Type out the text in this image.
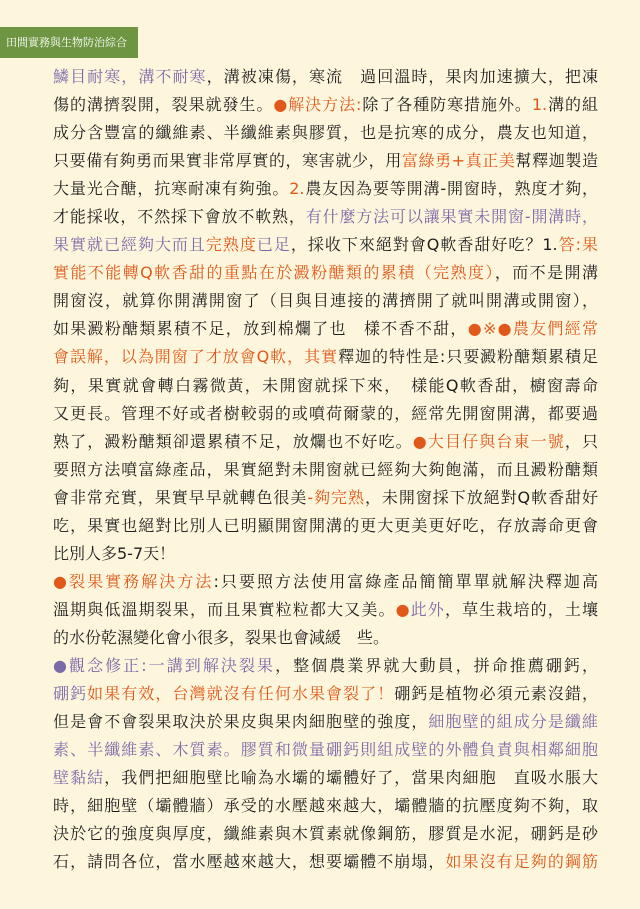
田間實務與生物防治綜合
鱗目耐寒，溝不耐寒，溝被凍傷，寒流　過回溫時，果肉加速擴大，把凍
傷的溝擠裂開，裂果就發生。●解決方法:除了各種防寒措施外。1.溝的組
成分含豐富的纖維素、半纖維素與膠質，也是抗寒的成分，農友也知道，
只要備有夠勇而果實非常厚實的，寒害就少，用富綠勇+真正美幫釋迦製造
大量光合醣，抗寒耐凍有夠強。2.農友因為要等開溝-開窗時，熟度才夠，
才能採收，不然採下會放不軟熟，有什麼方法可以讓果實未開窗-開溝時，
果實就已經夠大而且完熟度已足，採收下來絕對會Q軟香甜好吃？1.答:果
實能不能轉Q軟香甜的重點在於澱粉醣類的累積（完熟度），而不是開溝
開窗沒，就算你開溝開窗了（目與目連接的溝擠開了就叫開溝或開窗），
如果澱粉醣類累積不足，放到棉爛了也　樣不香不甜，●※●農友們經常
會誤解，以為開窗了才放會Q軟，其實釋迦的特性是:只要澱粉醣類累積足
夠，果實就會轉白霧微黃，未開窗就採下來，　樣能Q軟香甜，櫥窗壽命
又更長。管理不好或者樹較弱的或噴荷爾蒙的，經常先開窗開溝，都要過
熟了，澱粉醣類卻還累積不足，放爛也不好吃。●大目仔與台東一號，只
要照方法噴富綠產品，果實絕對未開窗就已經夠大夠飽滿，而且澱粉醣類
會非常充實，果實早早就轉色很美-夠完熟，未開窗採下放絕對Q軟香甜好
吃，果實也絕對比別人已明顯開窗開溝的更大更美更好吃，存放壽命更會
比別人多5-7天！
●裂果實務解決方法:只要照方法使用富綠產品簡簡單單就解決釋迦高
溫期與低溫期裂果，而且果實粒粒都大又美。●此外，草生栽培的，土壤
的水份乾濕變化會小很多，裂果也會減緩　些。
●觀念修正:一講到解決裂果，整個農業界就大動員，拼命推薦硼鈣，
硼鈣如果有效，台灣就沒有任何水果會裂了！硼鈣是植物必須元素沒錯，
但是會不會裂果取決於果皮與果肉細胞壁的強度，細胞壁的組成分是纖維
素、半纖維素、木質素。膠質和微量硼鈣則組成壁的外體負責與相鄰細胞
壁黏結，我們把細胞壁比喻為水壩的壩體好了，當果肉細胞　直吸水脹大
時，細胞壁（壩體牆）承受的水壓越來越大，壩體牆的抗壓度夠不夠，取
決於它的強度與厚度，纖維素與木質素就像鋼筋，膠質是水泥，硼鈣是砂
石，請問各位，當水壓越來越大，想要壩體不崩塌，如果沒有足夠的鋼筋
